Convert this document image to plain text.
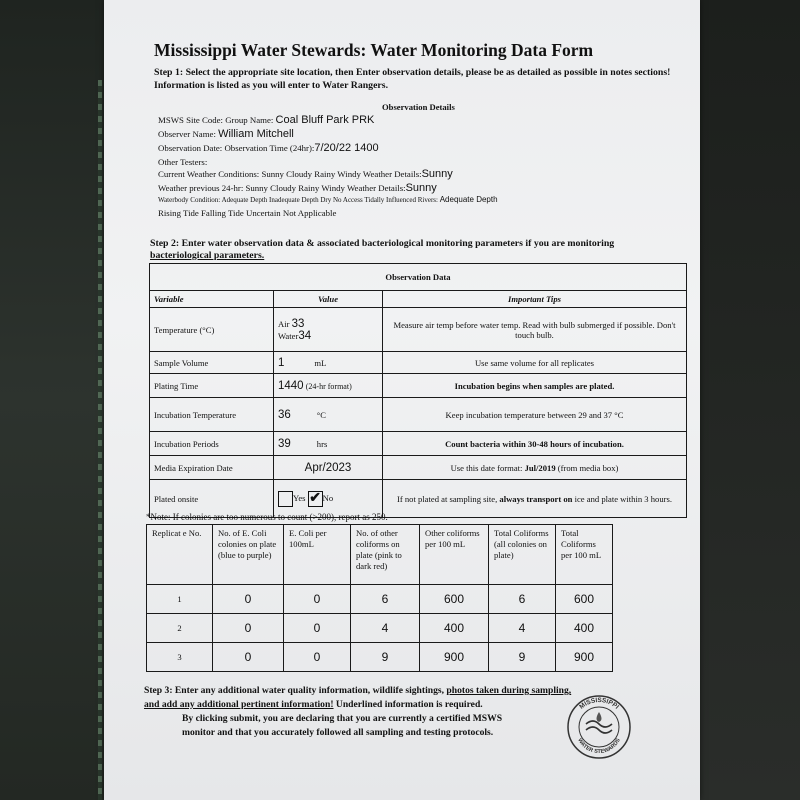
Mississippi Water Stewards: Water Monitoring Data Form
Step 1: Select the appropriate site location, then Enter observation details, please be as detailed as possible in notes sections! Information is listed as you will enter to Water Rangers.
Observation Details
MSWS Site Code: Group Name: Coal Bluff Park PRK
Observer Name: William Mitchell
Observation Date: Observation Time (24hr):7/20/22 1400
Other Testers:
Current Weather Conditions: Sunny Cloudy Rainy Windy Weather Details:Sunny
Weather previous 24-hr: Sunny Cloudy Rainy Windy Weather Details:Sunny
Waterbody Condition: Adequate Depth Inadequate Depth Dry No Access Tidally Influenced Rivers: Adequate Depth
Rising Tide Falling Tide Uncertain Not Applicable
Step 2: Enter water observation data & associated bacteriological monitoring parameters if you are monitoring
bacteriological parameters.
Observation Data		
Variable	Value	Important Tips
Temperature (°C)	Air 33
Water34	Measure air temp before water temp. Read with bulb submerged if possible. Don't touch bulb.
Sample Volume	1 mL	Use same volume for all replicates
Plating Time	1440 (24-hr format)	Incubation begins when samples are plated.
Incubation Temperature	36 °C	Keep incubation temperature between 29 and 37 °C
Incubation Periods	39 hrs	Count bacteria within 30-48 hours of incubation.
Media Expiration Date	Apr/2023	Use this date format: Jul/2019 (from media box)
Plated onsite	Yes ✔ No	If not plated at sampling site, always transport on ice and plate within 3 hours.
*Note: If colonies are too numerous to count (>200), report as 250.
Replicat e No.	No. of E. Coli colonies on plate (blue to purple)	E. Coli per 100mL	No. of other coliforms on plate (pink to dark red)	Other coliforms per 100 mL	Total Coliforms (all colonies on plate)	Total Coliforms per 100 mL
1	0	0	6	600	6	600
2	0	0	4	400	4	400
3	0	0	9	900	9	900
Step 3: Enter any additional water quality information, wildlife sightings, photos taken during sampling,
and add any additional pertinent information! Underlined information is required.

By clicking submit, you are declaring that you are currently a certified MSWS
monitor and that you accurately followed all sampling and testing protocols.
MISSISSIPPI
WATER STEWARDS
